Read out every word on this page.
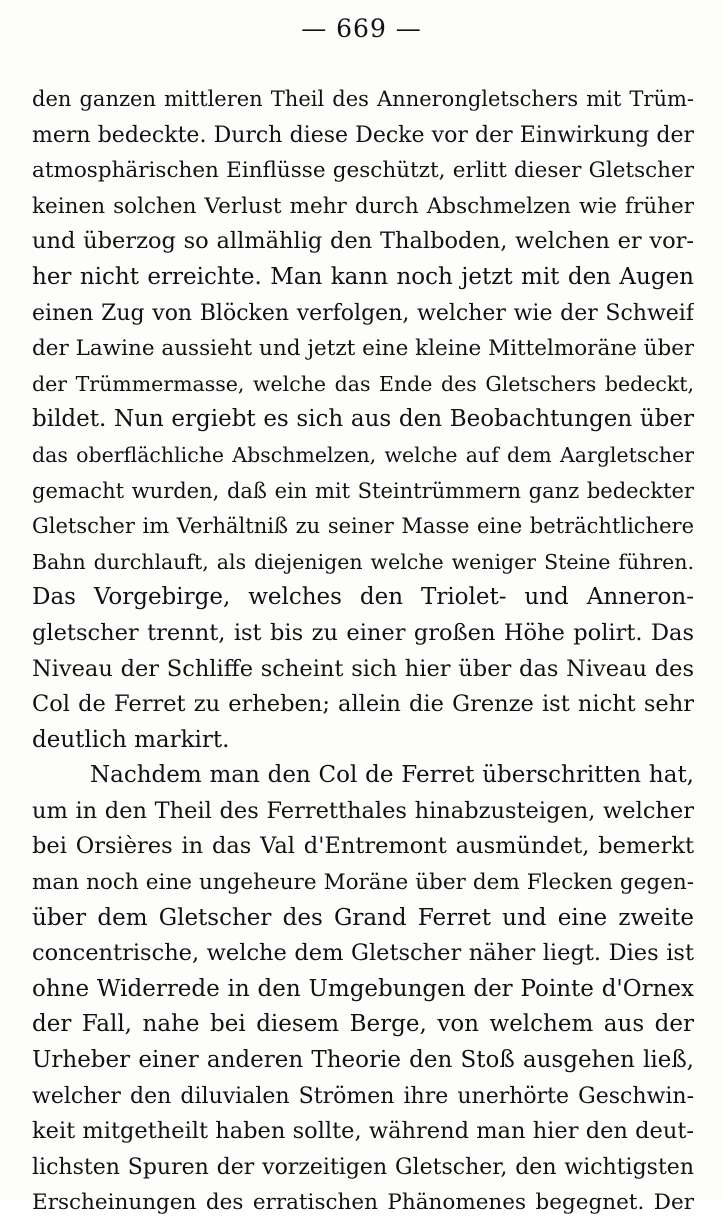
— 669 —
den ganzen mittleren Theil des Annerongletschers mit Trüm-
mern bedeckte. Durch diese Decke vor der Einwirkung der
atmosphärischen Einflüsse geschützt, erlitt dieser Gletscher
keinen solchen Verlust mehr durch Abschmelzen wie früher
und überzog so allmählig den Thalboden, welchen er vor-
her nicht erreichte. Man kann noch jetzt mit den Augen
einen Zug von Blöcken verfolgen, welcher wie der Schweif
der Lawine aussieht und jetzt eine kleine Mittelmoräne über
der Trümmermasse, welche das Ende des Gletschers bedeckt,
bildet. Nun ergiebt es sich aus den Beobachtungen über
das oberflächliche Abschmelzen, welche auf dem Aargletscher
gemacht wurden, daß ein mit Steintrümmern ganz bedeckter
Gletscher im Verhältniß zu seiner Masse eine beträchtlichere
Bahn durchlauft, als diejenigen welche weniger Steine führen.
Das Vorgebirge, welches den Triolet- und Anneron-
gletscher trennt, ist bis zu einer großen Höhe polirt. Das
Niveau der Schliffe scheint sich hier über das Niveau des
Col de Ferret zu erheben; allein die Grenze ist nicht sehr
deutlich markirt.
Nachdem man den Col de Ferret überschritten hat,
um in den Theil des Ferretthales hinabzusteigen, welcher
bei Orsières in das Val d'Entremont ausmündet, bemerkt
man noch eine ungeheure Moräne über dem Flecken gegen-
über dem Gletscher des Grand Ferret und eine zweite
concentrische, welche dem Gletscher näher liegt. Dies ist
ohne Widerrede in den Umgebungen der Pointe d'Ornex
der Fall, nahe bei diesem Berge, von welchem aus der
Urheber einer anderen Theorie den Stoß ausgehen ließ,
welcher den diluvialen Strömen ihre unerhörte Geschwin-
keit mitgetheilt haben sollte, während man hier den deut-
lichsten Spuren der vorzeitigen Gletscher, den wichtigsten
Erscheinungen des erratischen Phänomenes begegnet. Der
